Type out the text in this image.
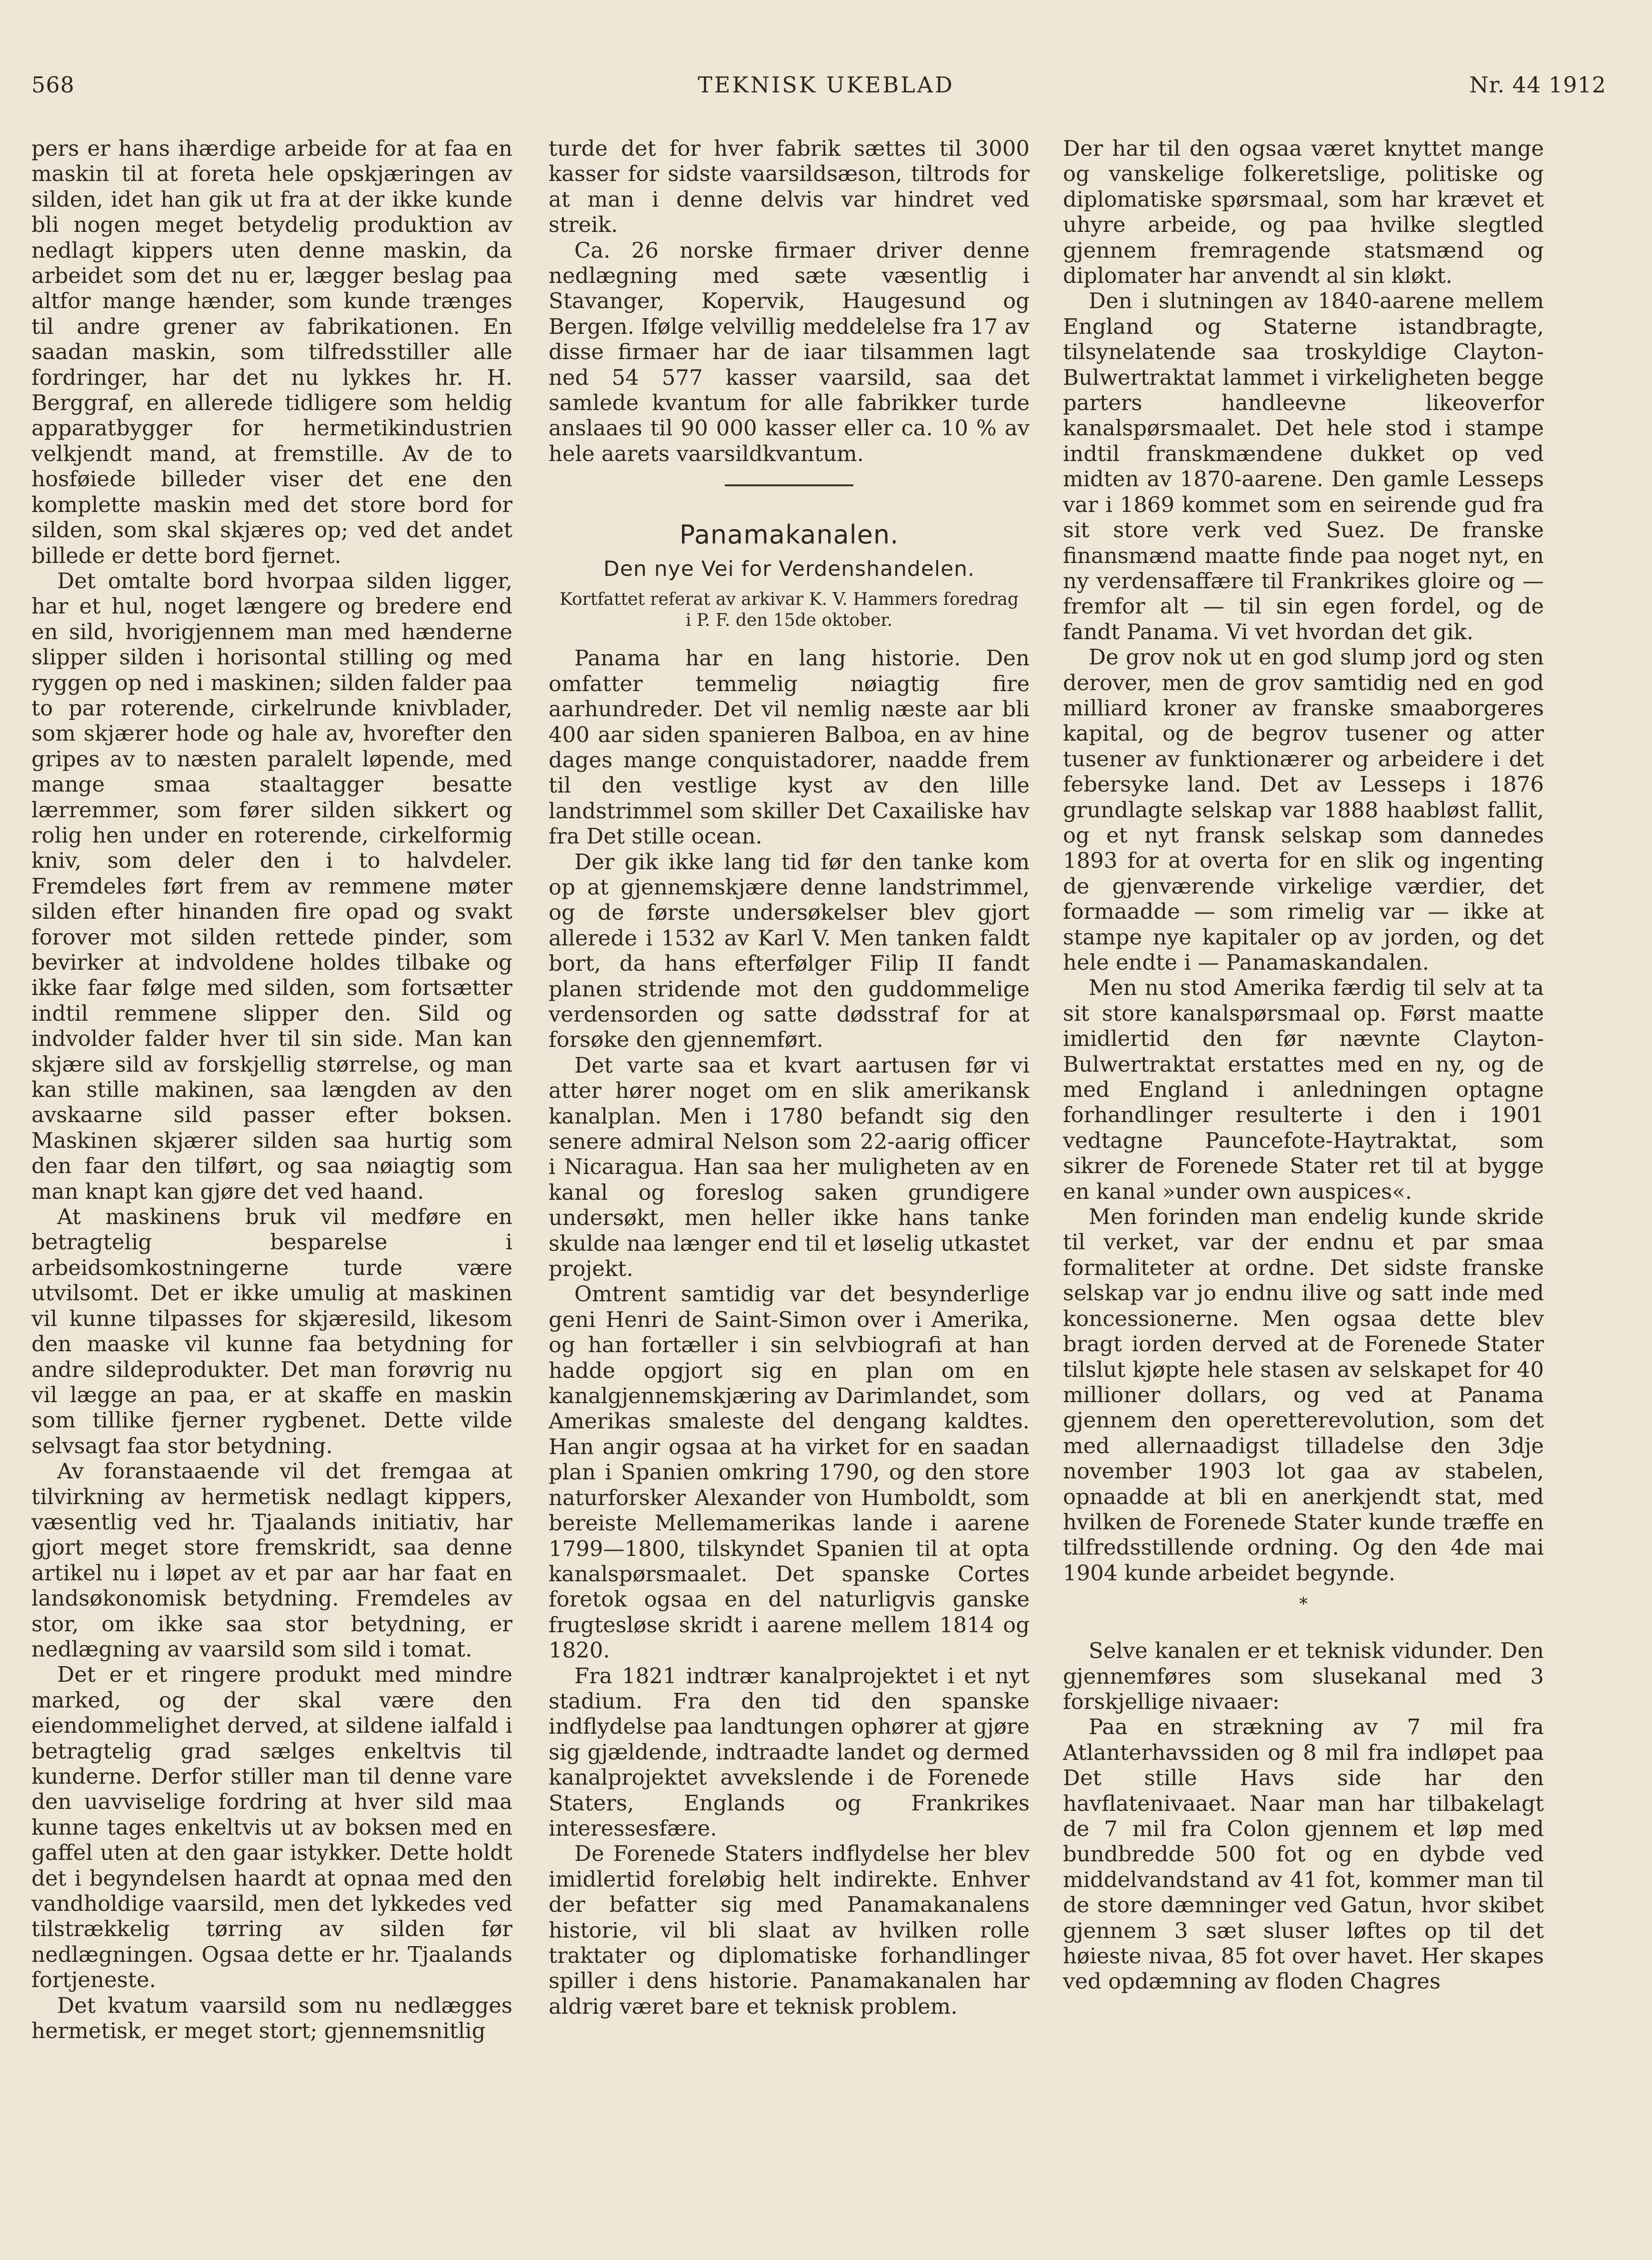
568	TEKNISK UKEBLAD	Nr. 44 1912

pers er hans ihærdige arbeide for at faa en maskin til at foreta hele opskjæringen av silden, idet han gik ut fra at der ikke kunde bli nogen meget betydelig produktion av nedlagt kippers uten denne maskin, da arbeidet som det nu er, lægger beslag paa altfor mange hænder, som kunde trænges til andre grener av fabrikationen. En saadan maskin, som tilfredsstiller alle fordringer, har det nu lykkes hr. H. Berggraf, en allerede tidligere som heldig apparatbygger for hermetikindustrien velkjendt mand, at fremstille. Av de to hosføiede billeder viser det ene den komplette maskin med det store bord for silden, som skal skjæres op; ved det andet billede er dette bord fjernet.

Det omtalte bord hvorpaa silden ligger, har et hul, noget længere og bredere end en sild, hvorigjennem man med hænderne slipper silden i horisontal stilling og med ryggen op ned i maskinen; silden falder paa to par roterende, cirkelrunde knivblader, som skjærer hode og hale av, hvorefter den gripes av to næsten paralelt løpende, med mange smaa staaltagger besatte lærremmer, som fører silden sikkert og rolig hen under en roterende, cirkelformig kniv, som deler den i to halvdeler. Fremdeles ført frem av remmene møter silden efter hinanden fire opad og svakt forover mot silden rettede pinder, som bevirker at indvoldene holdes tilbake og ikke faar følge med silden, som fortsætter indtil remmene slipper den. Sild og indvolder falder hver til sin side. Man kan skjære sild av forskjellig størrelse, og man kan stille makinen, saa længden av den avskaarne sild passer efter boksen. Maskinen skjærer silden saa hurtig som den faar den tilført, og saa nøiagtig som man knapt kan gjøre det ved haand.

At maskinens bruk vil medføre en betragtelig besparelse i arbeidsomkostningerne turde være utvilsomt. Det er ikke umulig at maskinen vil kunne tilpasses for skjæresild, likesom den maaske vil kunne faa betydning for andre sildeprodukter. Det man forøvrig nu vil lægge an paa, er at skaffe en maskin som tillike fjerner rygbenet. Dette vilde selvsagt faa stor betydning.

Av foranstaaende vil det fremgaa at tilvirkning av hermetisk nedlagt kippers, væsentlig ved hr. Tjaalands initiativ, har gjort meget store fremskridt, saa denne artikel nu i løpet av et par aar har faat en landsøkonomisk betydning. Fremdeles av stor, om ikke saa stor betydning, er nedlægning av vaarsild som sild i tomat.

Det er et ringere produkt med mindre marked, og der skal være den eiendommelighet derved, at sildene ialfald i betragtelig grad sælges enkeltvis til kunderne. Derfor stiller man til denne vare den uavviselige fordring at hver sild maa kunne tages enkeltvis ut av boksen med en gaffel uten at den gaar istykker. Dette holdt det i begyndelsen haardt at opnaa med den vandholdige vaarsild, men det lykkedes ved tilstrækkelig tørring av silden før nedlægningen. Ogsaa dette er hr. Tjaalands fortjeneste.

Det kvatum vaarsild som nu nedlægges hermetisk, er meget stort; gjennemsnitlig

turde det for hver fabrik sættes til 3000 kasser for sidste vaarsildsæson, tiltrods for at man i denne delvis var hindret ved streik.

Ca. 26 norske firmaer driver denne nedlægning med sæte væsentlig i Stavanger, Kopervik, Haugesund og Bergen. Ifølge velvillig meddelelse fra 17 av disse firmaer har de iaar tilsammen lagt ned 54 577 kasser vaarsild, saa det samlede kvantum for alle fabrikker turde anslaaes til 90 000 kasser eller ca. 10 % av hele aarets vaarsildkvantum.

Panamakanalen.
Den nye Vei for Verdenshandelen.
Kortfattet referat av arkivar K. V. Hammers foredrag i P. F. den 15de oktober.

Panama har en lang historie. Den omfatter temmelig nøiagtig fire aarhundreder. Det vil nemlig næste aar bli 400 aar siden spanieren Balboa, en av hine dages mange conquistadorer, naadde frem til den vestlige kyst av den lille landstrimmel som skiller Det Caxailiske hav fra Det stille ocean.

Der gik ikke lang tid før den tanke kom op at gjennemskjære denne landstrimmel, og de første undersøkelser blev gjort allerede i 1532 av Karl V. Men tanken faldt bort, da hans efterfølger Filip II fandt planen stridende mot den guddommelige verdensorden og satte dødsstraf for at forsøke den gjennemført.

Det varte saa et kvart aartusen før vi atter hører noget om en slik amerikansk kanalplan. Men i 1780 befandt sig den senere admiral Nelson som 22-aarig officer i Nicaragua. Han saa her muligheten av en kanal og foreslog saken grundigere undersøkt, men heller ikke hans tanke skulde naa længer end til et løselig utkastet projekt.

Omtrent samtidig var det besynderlige geni Henri de Saint-Simon over i Amerika, og han fortæller i sin selvbiografi at han hadde opgjort sig en plan om en kanalgjennemskjæring av Darimlandet, som Amerikas smaleste del dengang kaldtes. Han angir ogsaa at ha virket for en saadan plan i Spanien omkring 1790, og den store naturforsker Alexander von Humboldt, som bereiste Mellemamerikas lande i aarene 1799—1800, tilskyndet Spanien til at opta kanalspørsmaalet. Det spanske Cortes foretok ogsaa en del naturligvis ganske frugtesløse skridt i aarene mellem 1814 og 1820.

Fra 1821 indtrær kanalprojektet i et nyt stadium. Fra den tid den spanske indflydelse paa landtungen ophører at gjøre sig gjældende, indtraadte landet og dermed kanalprojektet avvekslende i de Forenede Staters, Englands og Frankrikes interessesfære.

De Forenede Staters indflydelse her blev imidlertid foreløbig helt indirekte. Enhver der befatter sig med Panamakanalens historie, vil bli slaat av hvilken rolle traktater og diplomatiske forhandlinger spiller i dens historie. Panamakanalen har aldrig været bare et teknisk problem.

Der har til den ogsaa været knyttet mange og vanskelige folkeretslige, politiske og diplomatiske spørsmaal, som har krævet et uhyre arbeide, og paa hvilke slegtled gjennem fremragende statsmænd og diplomater har anvendt al sin kløkt.

Den i slutningen av 1840-aarene mellem England og Staterne istandbragte, tilsynelatende saa troskyldige Clayton-Bulwertraktat lammet i virkeligheten begge parters handleevne likeoverfor kanalspørsmaalet. Det hele stod i stampe indtil franskmændene dukket op ved midten av 1870-aarene. Den gamle Lesseps var i 1869 kommet som en seirende gud fra sit store verk ved Suez. De franske finansmænd maatte finde paa noget nyt, en ny verdensaffære til Frankrikes gloire og — fremfor alt — til sin egen fordel, og de fandt Panama. Vi vet hvordan det gik.

De grov nok ut en god slump jord og sten derover, men de grov samtidig ned en god milliard kroner av franske smaaborgeres kapital, og de begrov tusener og atter tusener av funktionærer og arbeidere i det febersyke land. Det av Lesseps i 1876 grundlagte selskap var 1888 haabløst fallit, og et nyt fransk selskap som dannedes 1893 for at overta for en slik og ingenting de gjenværende virkelige værdier, det formaadde — som rimelig var — ikke at stampe nye kapitaler op av jorden, og det hele endte i — Panamaskandalen.

Men nu stod Amerika færdig til selv at ta sit store kanalspørsmaal op. Først maatte imidlertid den før nævnte Clayton-Bulwertraktat erstattes med en ny, og de med England i anledningen optagne forhandlinger resulterte i den i 1901 vedtagne Pauncefote-Haytraktat, som sikrer de Forenede Stater ret til at bygge en kanal »under own auspices«.

Men forinden man endelig kunde skride til verket, var der endnu et par smaa formaliteter at ordne. Det sidste franske selskap var jo endnu ilive og satt inde med koncessionerne. Men ogsaa dette blev bragt iorden derved at de Forenede Stater tilslut kjøpte hele stasen av selskapet for 40 millioner dollars, og ved at Panama gjennem den operetterevolution, som det med allernaadigst tilladelse den 3dje november 1903 lot gaa av stabelen, opnaadde at bli en anerkjendt stat, med hvilken de Forenede Stater kunde træffe en tilfredsstillende ordning. Og den 4de mai 1904 kunde arbeidet begynde.

*

Selve kanalen er et teknisk vidunder. Den gjennemføres som slusekanal med 3 forskjellige nivaaer:

Paa en strækning av 7 mil fra Atlanterhavssiden og 8 mil fra indløpet paa Det stille Havs side har den havflatenivaaet. Naar man har tilbakelagt de 7 mil fra Colon gjennem et løp med bundbredde 500 fot og en dybde ved middelvandstand av 41 fot, kommer man til de store dæmninger ved Gatun, hvor skibet gjennem 3 sæt sluser løftes op til det høieste nivaa, 85 fot over havet. Her skapes ved opdæmning av floden Chagres
